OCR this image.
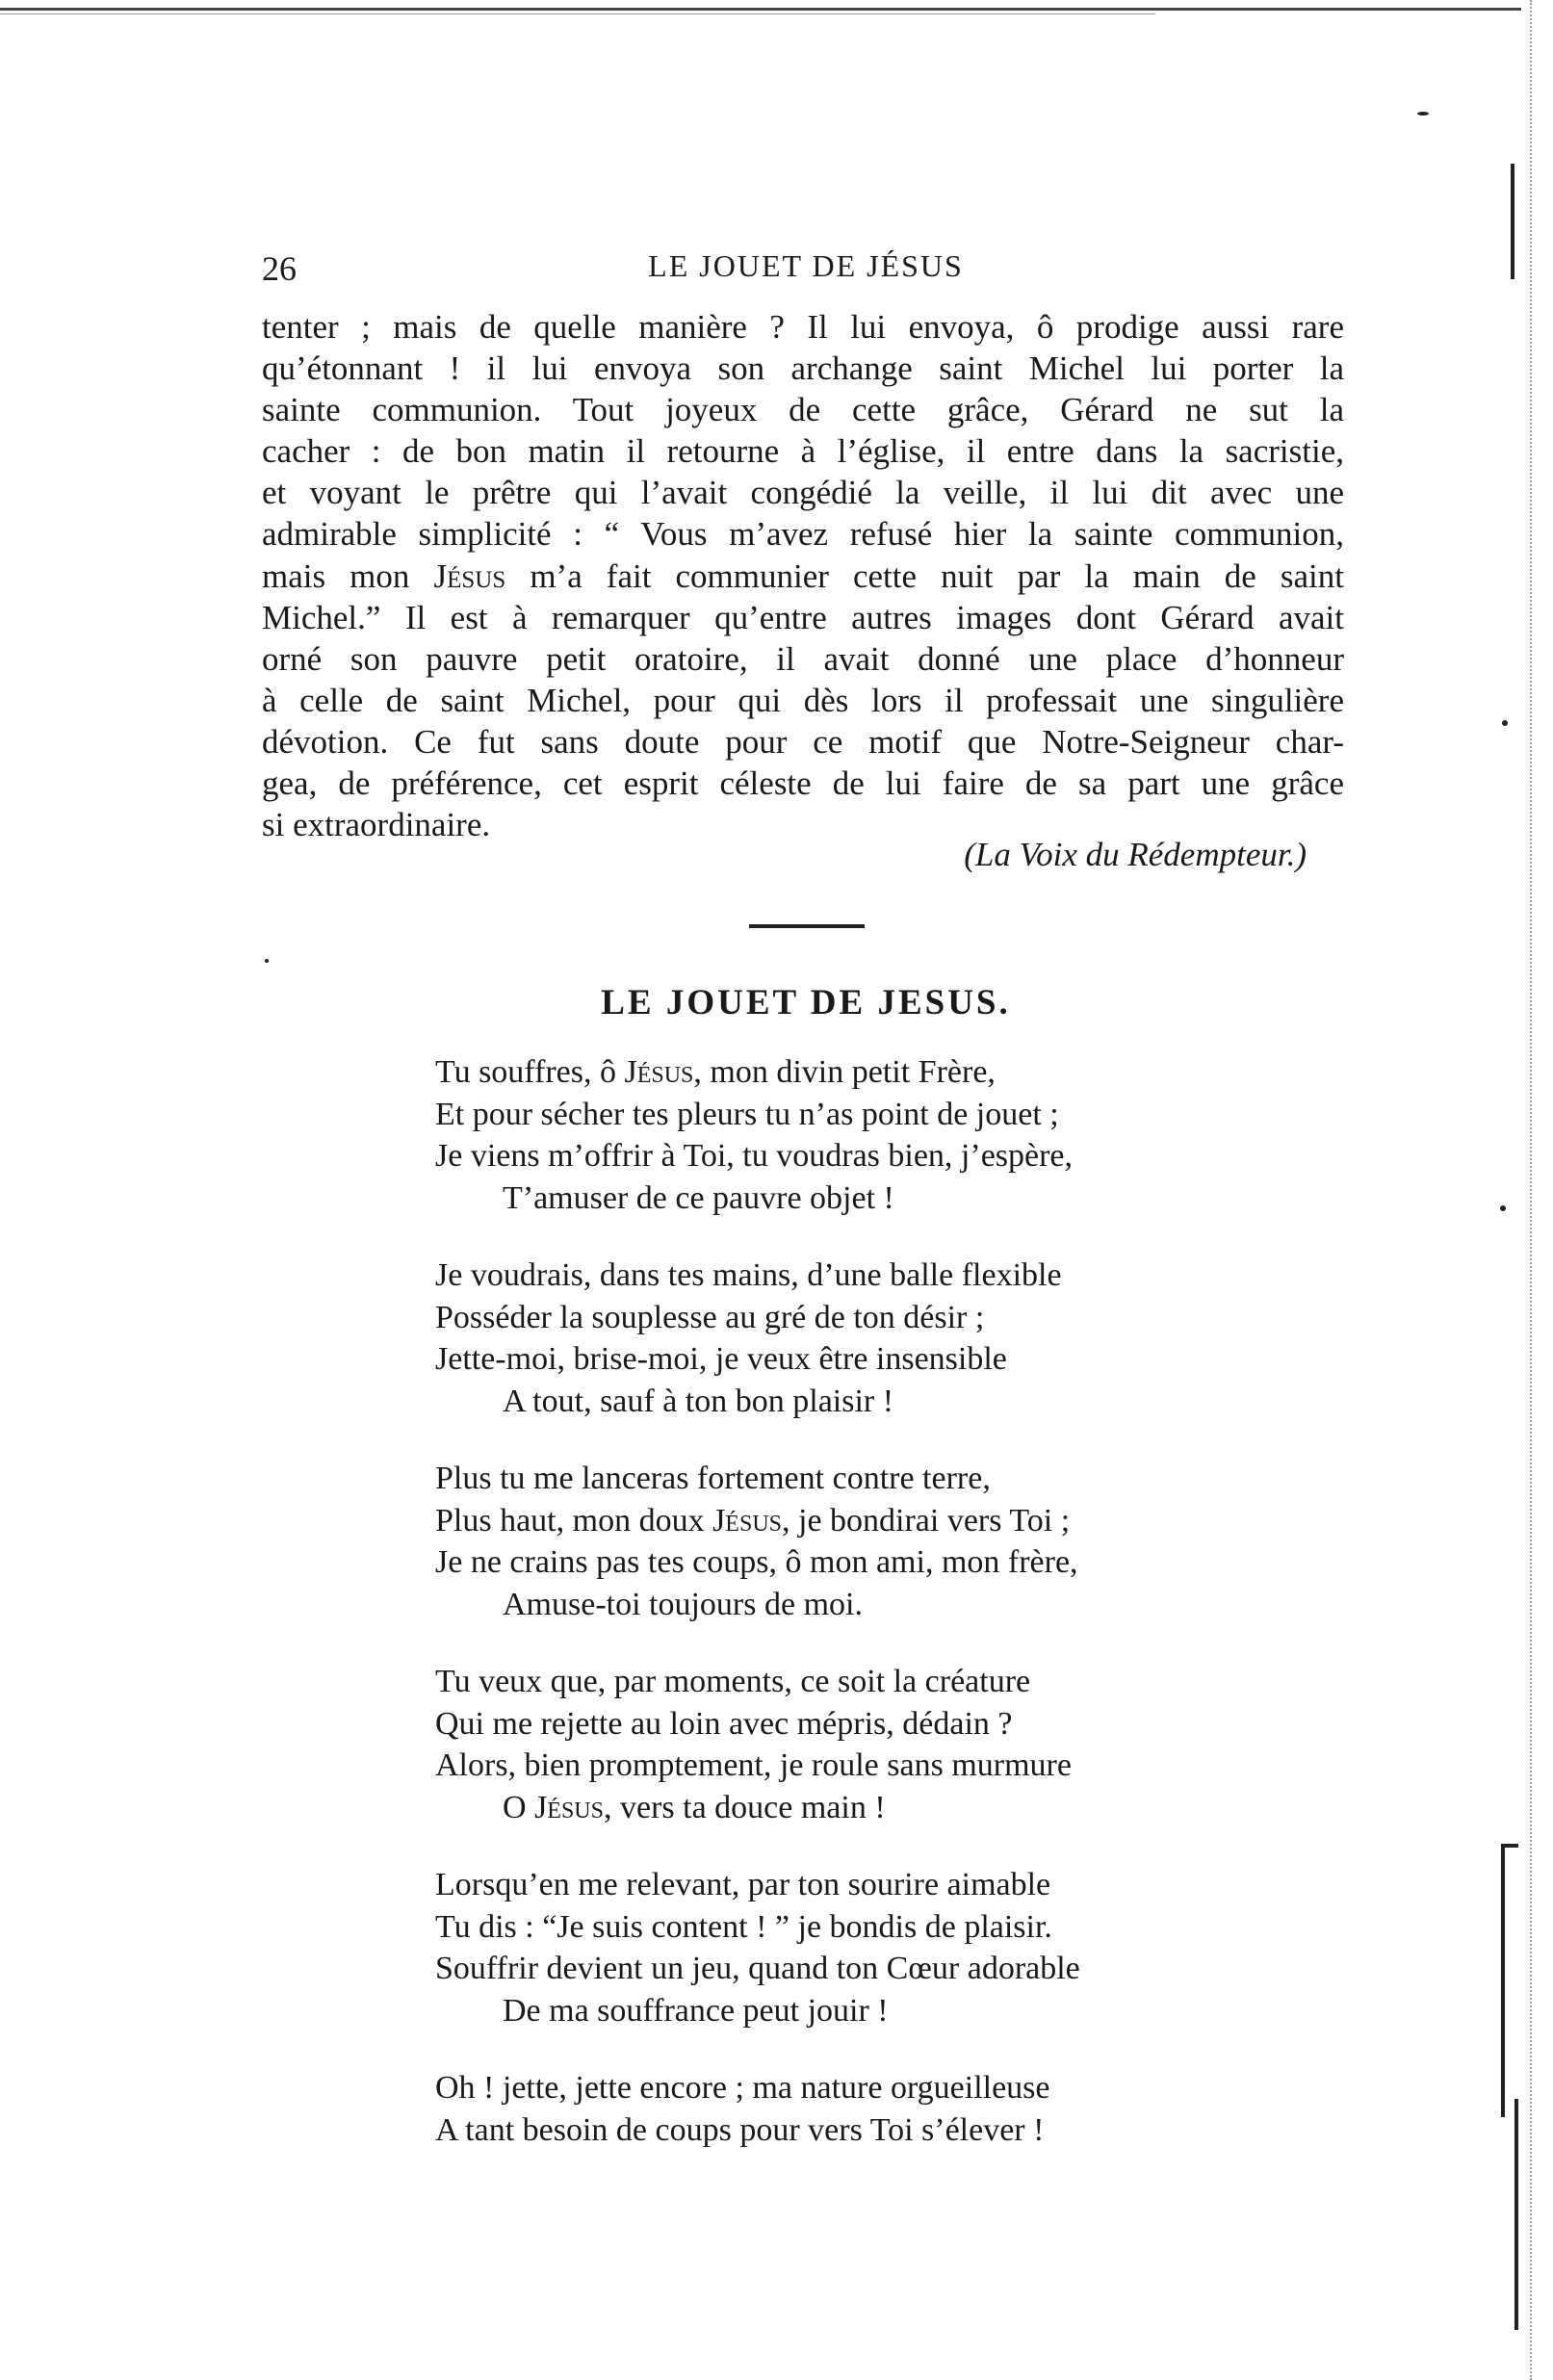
26	LE JOUET DE JÉSUS
tenter ; mais de quelle manière ? Il lui envoya, ô prodige aussi rare
qu’étonnant ! il lui envoya son archange saint Michel lui porter la
sainte communion. Tout joyeux de cette grâce, Gérard ne sut la
cacher : de bon matin il retourne à l’église, il entre dans la sacristie,
et voyant le prêtre qui l’avait congédié la veille, il lui dit avec une
admirable simplicité : “ Vous m’avez refusé hier la sainte communion,
mais mon Jésus m’a fait communier cette nuit par la main de saint
Michel.” Il est à remarquer qu’entre autres images dont Gérard avait
orné son pauvre petit oratoire, il avait donné une place d’honneur
à celle de saint Michel, pour qui dès lors il professait une singulière
dévotion. Ce fut sans doute pour ce motif que Notre-Seigneur char-
gea, de préférence, cet esprit céleste de lui faire de sa part une grâce
si extraordinaire.
(La Voix du Rédempteur.)
LE JOUET DE JESUS.
Tu souffres, ô Jésus, mon divin petit Frère,
Et pour sécher tes pleurs tu n’as point de jouet ;
Je viens m’offrir à Toi, tu voudras bien, j’espère,
T’amuser de ce pauvre objet !
Je voudrais, dans tes mains, d’une balle flexible
Posséder la souplesse au gré de ton désir ;
Jette-moi, brise-moi, je veux être insensible
A tout, sauf à ton bon plaisir !
Plus tu me lanceras fortement contre terre,
Plus haut, mon doux Jésus, je bondirai vers Toi ;
Je ne crains pas tes coups, ô mon ami, mon frère,
Amuse-toi toujours de moi.
Tu veux que, par moments, ce soit la créature
Qui me rejette au loin avec mépris, dédain ?
Alors, bien promptement, je roule sans murmure
O Jésus, vers ta douce main !
Lorsqu’en me relevant, par ton sourire aimable
Tu dis : “Je suis content ! ” je bondis de plaisir.
Souffrir devient un jeu, quand ton Cœur adorable
De ma souffrance peut jouir !
Oh ! jette, jette encore ; ma nature orgueilleuse
A tant besoin de coups pour vers Toi s’élever !
